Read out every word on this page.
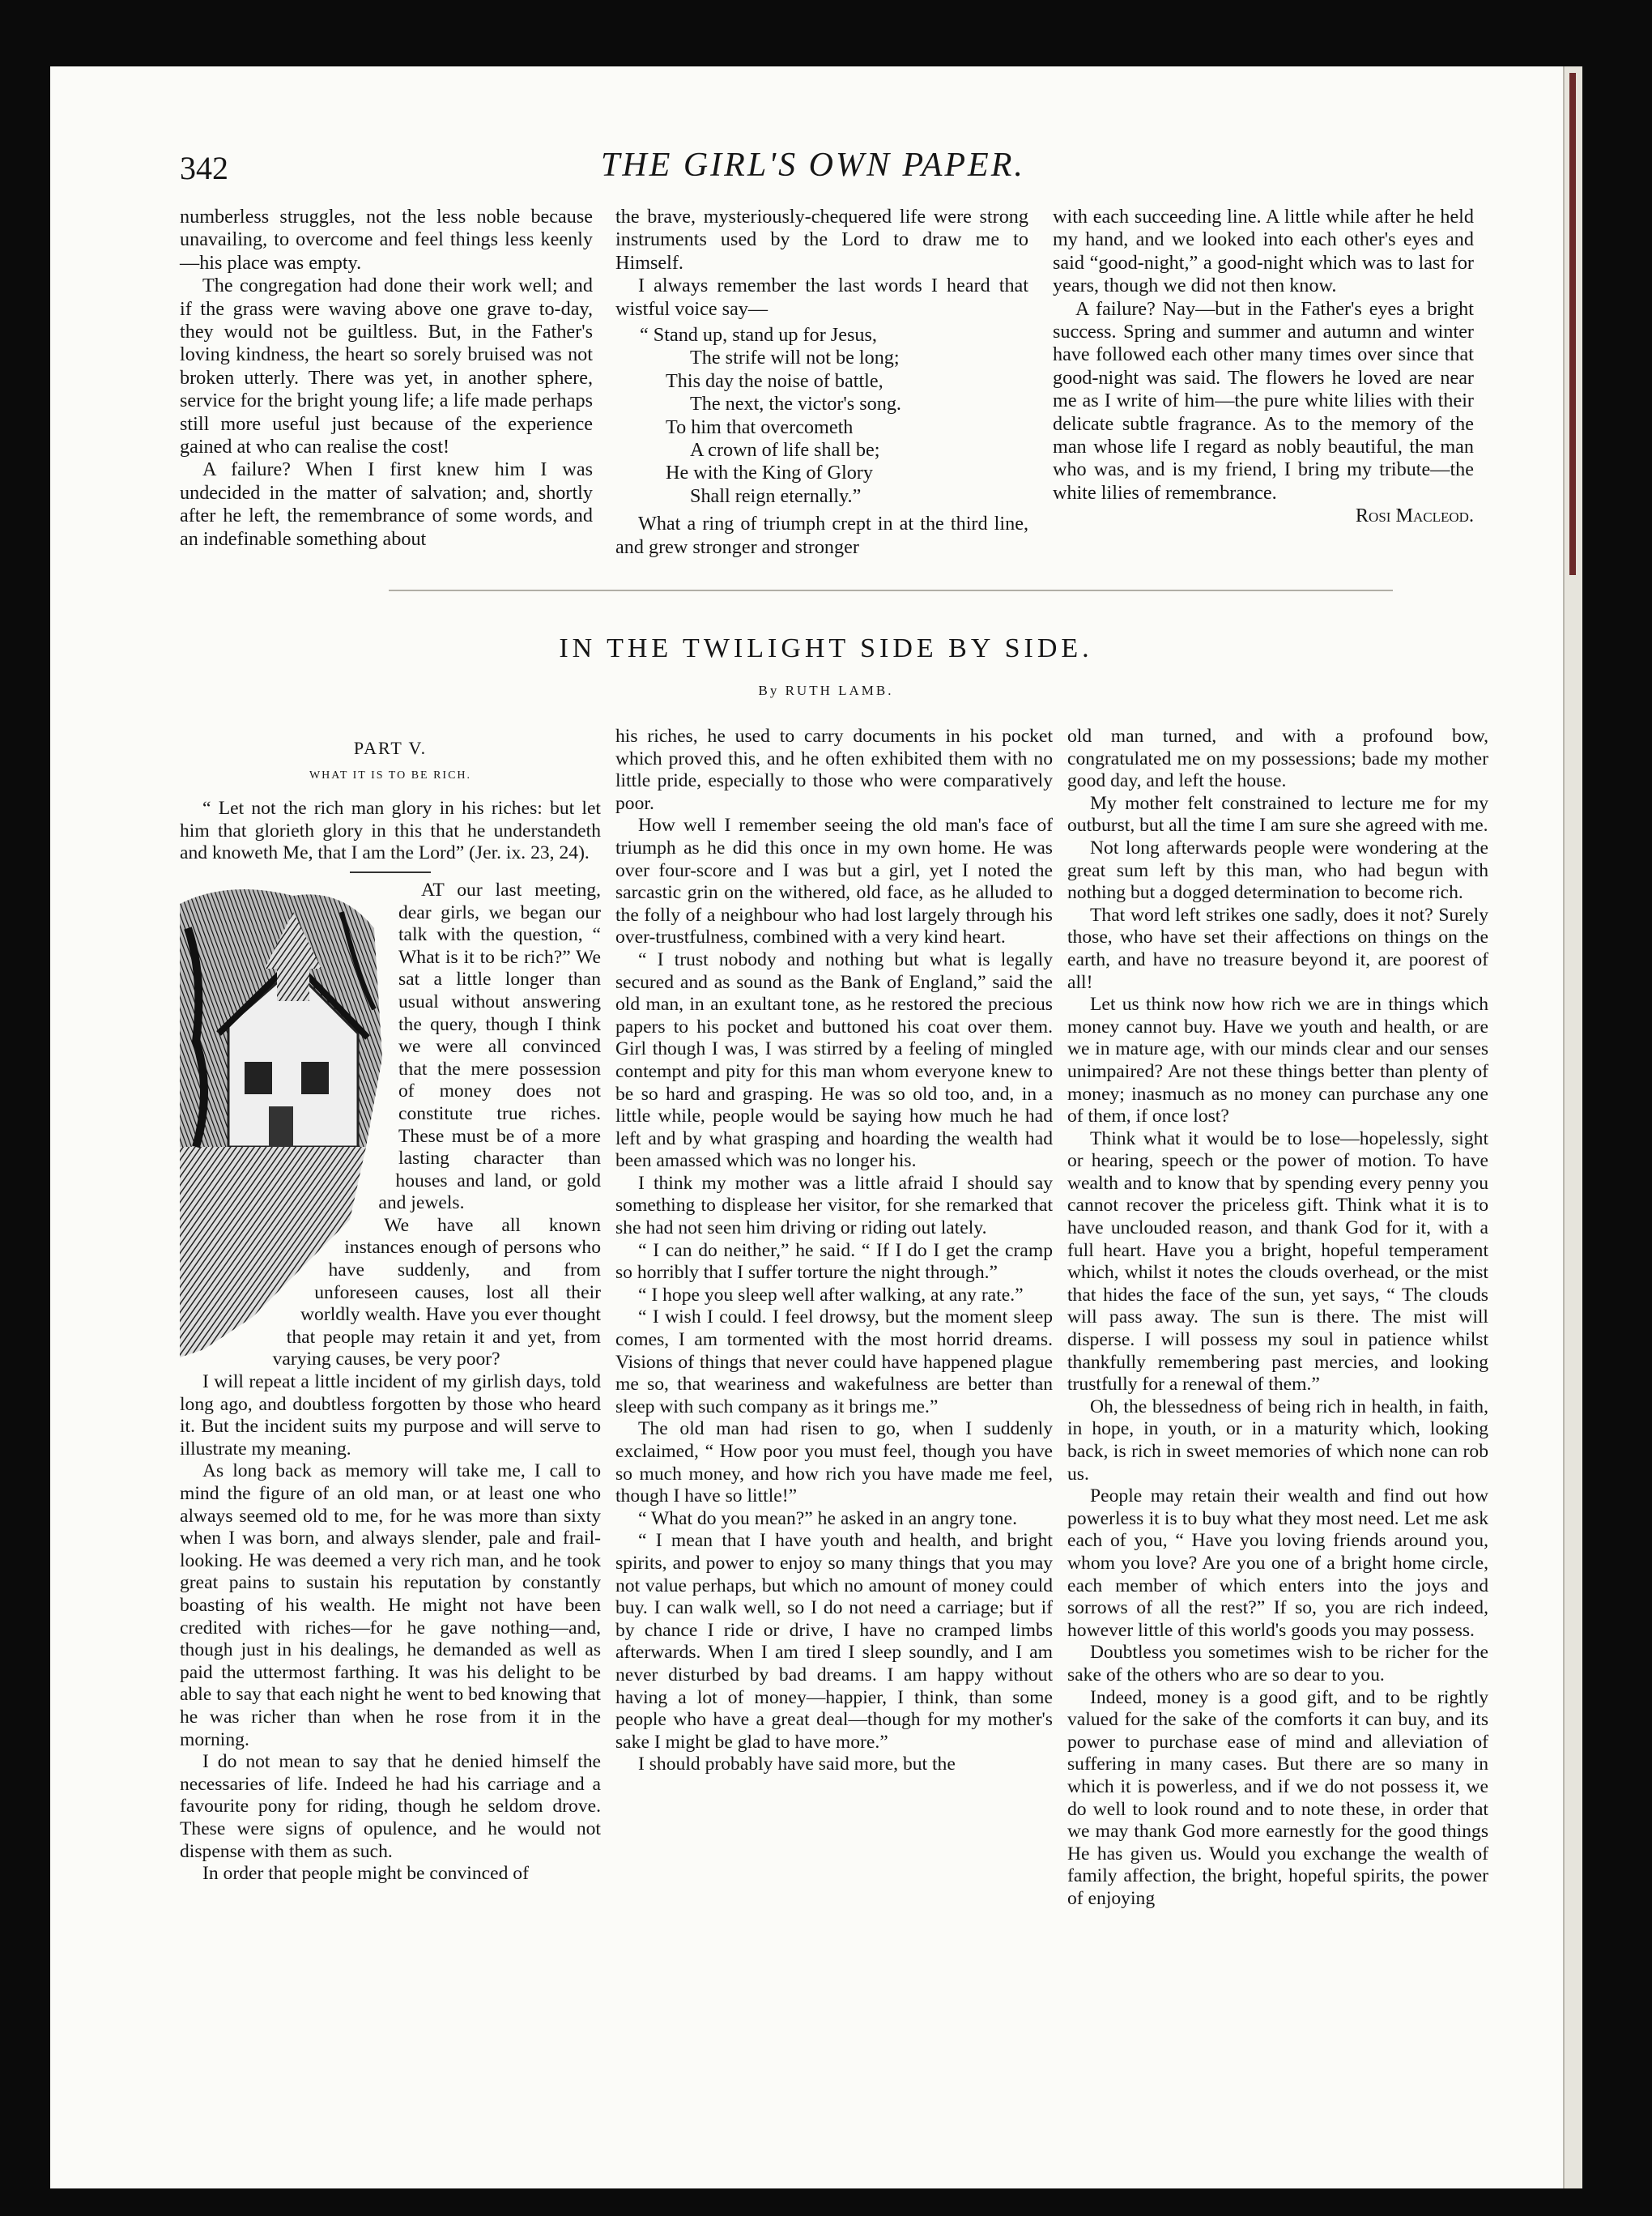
342	THE GIRL'S OWN PAPER.

numberless struggles, not the less noble because unavailing, to overcome and feel things less keenly—his place was empty.

The congregation had done their work well; and if the grass were waving above one grave to-day, they would not be guiltless. But, in the Father's loving kindness, the heart so sorely bruised was not broken utterly. There was yet, in another sphere, service for the bright young life; a life made perhaps still more useful just because of the experience gained at who can realise the cost!

A failure? When I first knew him I was undecided in the matter of salvation; and, shortly after he left, the remembrance of some words, and an indefinable something about

the brave, mysteriously-chequered life were strong instruments used by the Lord to draw me to Himself.

I always remember the last words I heard that wistful voice say—

“ Stand up, stand up for Jesus,
The strife will not be long;
This day the noise of battle,
The next, the victor's song.
To him that overcometh
A crown of life shall be;
He with the King of Glory
Shall reign eternally.”

What a ring of triumph crept in at the third line, and grew stronger and stronger

with each succeeding line. A little while after he held my hand, and we looked into each other's eyes and said “good-night,” a good-night which was to last for years, though we did not then know.

A failure? Nay—but in the Father's eyes a bright success. Spring and summer and autumn and winter have followed each other many times over since that good-night was said. The flowers he loved are near me as I write of him—the pure white lilies with their delicate subtle fragrance. As to the memory of the man whose life I regard as nobly beautiful, the man who was, and is my friend, I bring my tribute—the white lilies of remembrance.

Rosi Macleod.
IN THE TWILIGHT SIDE BY SIDE.
By RUTH LAMB.
PART V.
WHAT IT IS TO BE RICH.

“ Let not the rich man glory in his riches: but let him that glorieth glory in this that he understandeth and knoweth Me, that I am the Lord” (Jer. ix. 23, 24).

AT our last meeting, dear girls, we began our talk with the question, “ What is it to be rich?” We sat a little longer than usual without answering the query, though I think we were all convinced that the mere possession of money does not constitute true riches. These must be of a more lasting character than houses and land, or gold and jewels.

We have all known instances enough of persons who have suddenly, and from unforeseen causes, lost all their worldly wealth. Have you ever thought that people may retain it and yet, from varying causes, be very poor?

I will repeat a little incident of my girlish days, told long ago, and doubtless forgotten by those who heard it. But the incident suits my purpose and will serve to illustrate my meaning.

As long back as memory will take me, I call to mind the figure of an old man, or at least one who always seemed old to me, for he was more than sixty when I was born, and always slender, pale and frail-looking. He was deemed a very rich man, and he took great pains to sustain his reputation by constantly boasting of his wealth. He might not have been credited with riches—for he gave nothing—and, though just in his dealings, he demanded as well as paid the uttermost farthing. It was his delight to be able to say that each night he went to bed knowing that he was richer than when he rose from it in the morning.

I do not mean to say that he denied himself the necessaries of life. Indeed he had his carriage and a favourite pony for riding, though he seldom drove. These were signs of opulence, and he would not dispense with them as such.

In order that people might be convinced of

his riches, he used to carry documents in his pocket which proved this, and he often exhibited them with no little pride, especially to those who were comparatively poor.

How well I remember seeing the old man's face of triumph as he did this once in my own home. He was over four-score and I was but a girl, yet I noted the sarcastic grin on the withered, old face, as he alluded to the folly of a neighbour who had lost largely through his over-trustfulness, combined with a very kind heart.

“ I trust nobody and nothing but what is legally secured and as sound as the Bank of England,” said the old man, in an exultant tone, as he restored the precious papers to his pocket and buttoned his coat over them. Girl though I was, I was stirred by a feeling of mingled contempt and pity for this man whom everyone knew to be so hard and grasping. He was so old too, and, in a little while, people would be saying how much he had left and by what grasping and hoarding the wealth had been amassed which was no longer his.

I think my mother was a little afraid I should say something to displease her visitor, for she remarked that she had not seen him driving or riding out lately.

“ I can do neither,” he said. “ If I do I get the cramp so horribly that I suffer torture the night through.”

“ I hope you sleep well after walking, at any rate.”

“ I wish I could. I feel drowsy, but the moment sleep comes, I am tormented with the most horrid dreams. Visions of things that never could have happened plague me so, that weariness and wakefulness are better than sleep with such company as it brings me.”

The old man had risen to go, when I suddenly exclaimed, “ How poor you must feel, though you have so much money, and how rich you have made me feel, though I have so little!”

“ What do you mean?” he asked in an angry tone.

“ I mean that I have youth and health, and bright spirits, and power to enjoy so many things that you may not value perhaps, but which no amount of money could buy. I can walk well, so I do not need a carriage; but if by chance I ride or drive, I have no cramped limbs afterwards. When I am tired I sleep soundly, and I am never disturbed by bad dreams. I am happy without having a lot of money—happier, I think, than some people who have a great deal—though for my mother's sake I might be glad to have more.”

I should probably have said more, but the

old man turned, and with a profound bow, congratulated me on my possessions; bade my mother good day, and left the house.

My mother felt constrained to lecture me for my outburst, but all the time I am sure she agreed with me.

Not long afterwards people were wondering at the great sum left by this man, who had begun with nothing but a dogged determination to become rich.

That word left strikes one sadly, does it not? Surely those, who have set their affections on things on the earth, and have no treasure beyond it, are poorest of all!

Let us think now how rich we are in things which money cannot buy. Have we youth and health, or are we in mature age, with our minds clear and our senses unimpaired? Are not these things better than plenty of money; inasmuch as no money can purchase any one of them, if once lost?

Think what it would be to lose—hopelessly, sight or hearing, speech or the power of motion. To have wealth and to know that by spending every penny you cannot recover the priceless gift. Think what it is to have unclouded reason, and thank God for it, with a full heart. Have you a bright, hopeful temperament which, whilst it notes the clouds overhead, or the mist that hides the face of the sun, yet says, “ The clouds will pass away. The sun is there. The mist will disperse. I will possess my soul in patience whilst thankfully remembering past mercies, and looking trustfully for a renewal of them.”

Oh, the blessedness of being rich in health, in faith, in hope, in youth, or in a maturity which, looking back, is rich in sweet memories of which none can rob us.

People may retain their wealth and find out how powerless it is to buy what they most need. Let me ask each of you, “ Have you loving friends around you, whom you love? Are you one of a bright home circle, each member of which enters into the joys and sorrows of all the rest?” If so, you are rich indeed, however little of this world's goods you may possess.

Doubtless you sometimes wish to be richer for the sake of the others who are so dear to you.

Indeed, money is a good gift, and to be rightly valued for the sake of the comforts it can buy, and its power to purchase ease of mind and alleviation of suffering in many cases. But there are so many in which it is powerless, and if we do not possess it, we do well to look round and to note these, in order that we may thank God more earnestly for the good things He has given us. Would you exchange the wealth of family affection, the bright, hopeful spirits, the power of enjoying
